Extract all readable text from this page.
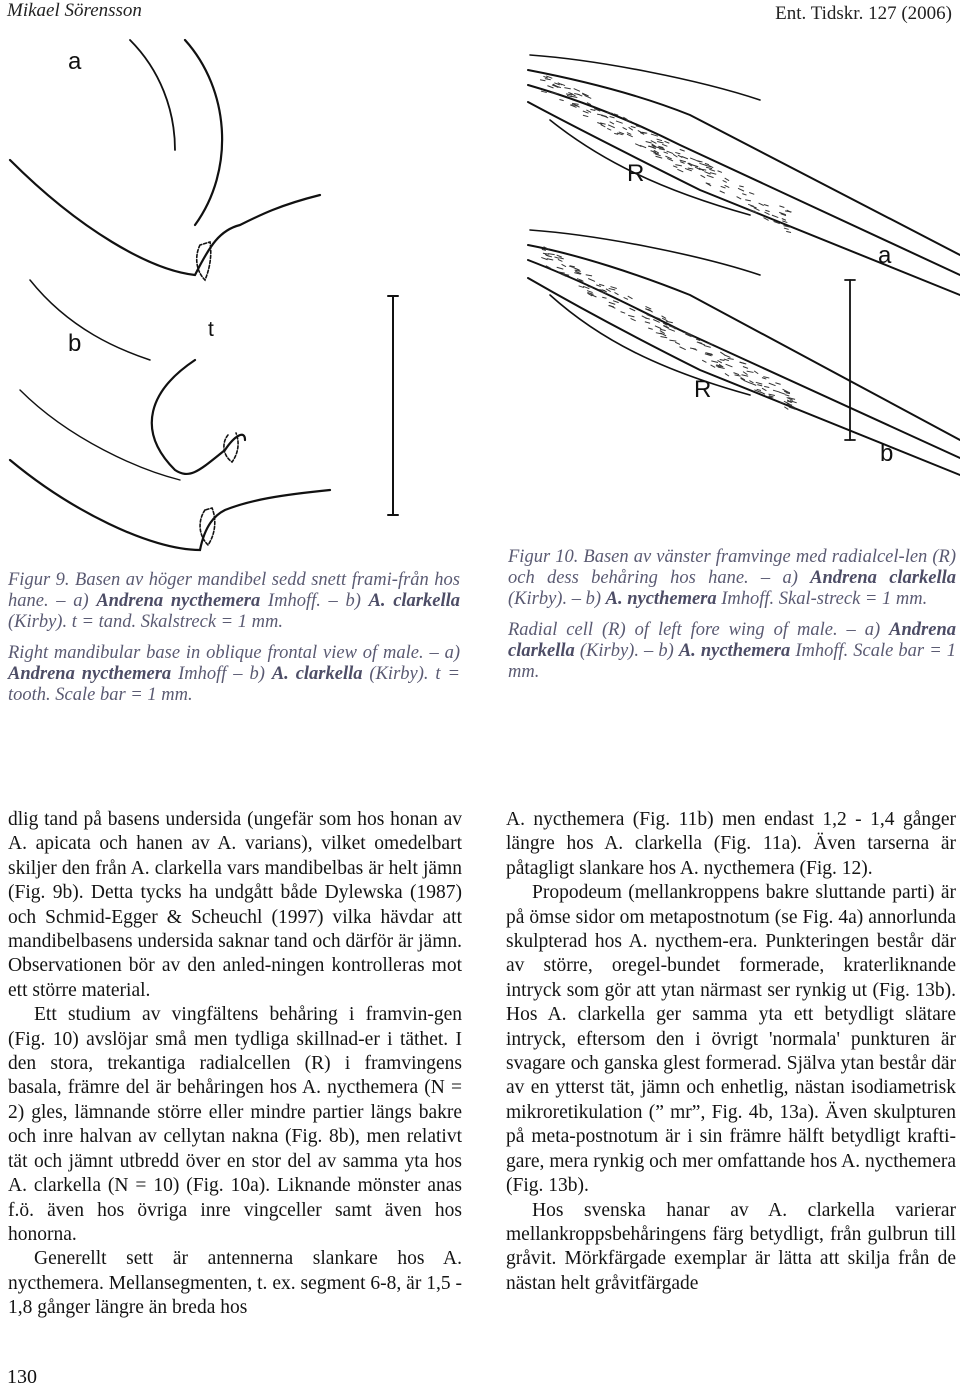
Mikael Sörensson	Ent. Tidskr. 127 (2006)
a
b
t
R
a
R
b

Figur 9. Basen av höger mandibel sedd snett frami-från hos hane. – a) Andrena nycthemera Imhoff. – b) A. clarkella (Kirby). t = tand. Skalstreck = 1 mm.

Right mandibular base in oblique frontal view of male. – a) Andrena nycthemera Imhoff – b) A. clarkella (Kirby). t = tooth. Scale bar = 1 mm.

Figur 10. Basen av vänster framvinge med radialcel-len (R) och dess behåring hos hane. – a) Andrena clarkella (Kirby). – b) A. nycthemera Imhoff. Skal-streck = 1 mm.

Radial cell (R) of left fore wing of male. – a) Andrena clarkella (Kirby). – b) A. nycthemera Imhoff. Scale bar = 1 mm.

dlig tand på basens undersida (ungefär som hos honan av A. apicata och hanen av A. varians), vilket omedelbart skiljer den från A. clarkella vars mandibelbas är helt jämn (Fig. 9b). Detta tycks ha undgått både Dylewska (1987) och Schmid-Egger & Scheuchl (1997) vilka hävdar att mandibelbasens undersida saknar tand och därför är jämn. Observationen bör av den anled-ningen kontrolleras mot ett större material.

Ett studium av vingfältens behåring i framvin-gen (Fig. 10) avslöjar små men tydliga skillnad-er i täthet. I den stora, trekantiga radialcellen (R) i framvingens basala, främre del är behåringen hos A. nycthemera (N = 2) gles, lämnande större eller mindre partier längs bakre och inre halvan av cellytan nakna (Fig. 8b), men relativt tät och jämnt utbredd över en stor del av samma yta hos A. clarkella (N = 10) (Fig. 10a). Liknande mönster anas f.ö. även hos övriga inre vingceller samt även hos honorna.

Generellt sett är antennerna slankare hos A. nycthemera. Mellansegmenten, t. ex. segment 6-8, är 1,5 - 1,8 gånger längre än breda hos

A. nycthemera (Fig. 11b) men endast 1,2 - 1,4 gånger längre hos A. clarkella (Fig. 11a). Även tarserna är påtagligt slankare hos A. nycthemera (Fig. 12).

Propodeum (mellankroppens bakre sluttande parti) är på ömse sidor om metapostnotum (se Fig. 4a) annorlunda skulpterad hos A. nycthem-era. Punkteringen består där av större, oregel-bundet formerade, kraterliknande intryck som gör att ytan närmast ser rynkig ut (Fig. 13b). Hos A. clarkella ger samma yta ett betydligt slätare intryck, eftersom den i övrigt 'normala' punkturen är svagare och ganska glest formerad. Själva ytan består där av en ytterst tät, jämn och enhetlig, nästan isodiametrisk mikroretikulation (” mr”, Fig. 4b, 13a). Även skulpturen på meta-postnotum är i sin främre hälft betydligt krafti-gare, mera rynkig och mer omfattande hos A. nycthemera (Fig. 13b).

Hos svenska hanar av A. clarkella varierar mellankroppsbehåringens färg betydligt, från gulbrun till gråvit. Mörkfärgade exemplar är lätta att skilja från de nästan helt gråvitfärgade

130
